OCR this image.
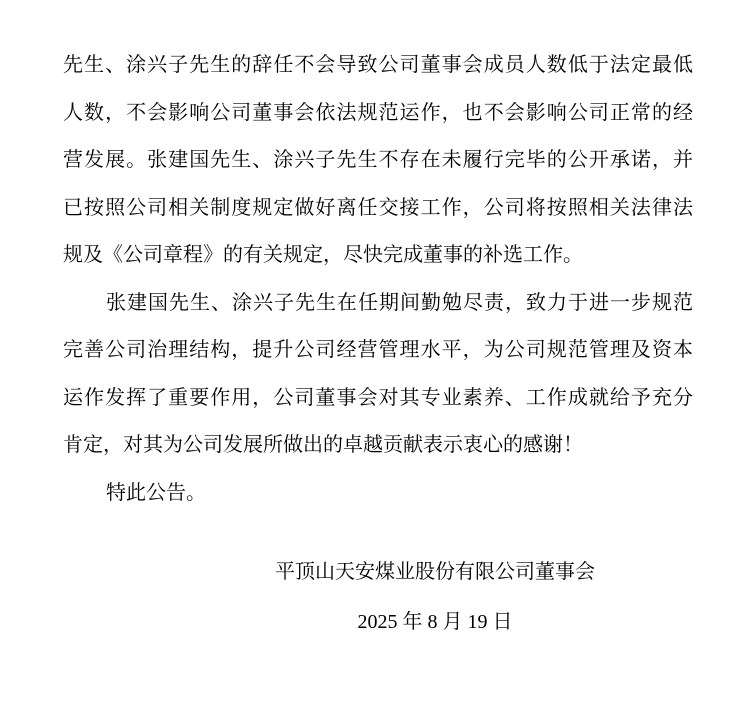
先生、涂兴子先生的辞任不会导致公司董事会成员人数低于法定最低
人数，不会影响公司董事会依法规范运作，也不会影响公司正常的经
营发展。张建国先生、涂兴子先生不存在未履行完毕的公开承诺，并
已按照公司相关制度规定做好离任交接工作，公司将按照相关法律法
规及《公司章程》的有关规定，尽快完成董事的补选工作。
张建国先生、涂兴子先生在任期间勤勉尽责，致力于进一步规范
完善公司治理结构，提升公司经营管理水平，为公司规范管理及资本
运作发挥了重要作用，公司董事会对其专业素养、工作成就给予充分
肯定，对其为公司发展所做出的卓越贡献表示衷心的感谢！
特此公告。
平顶山天安煤业股份有限公司董事会
2025 年 8 月 19 日
